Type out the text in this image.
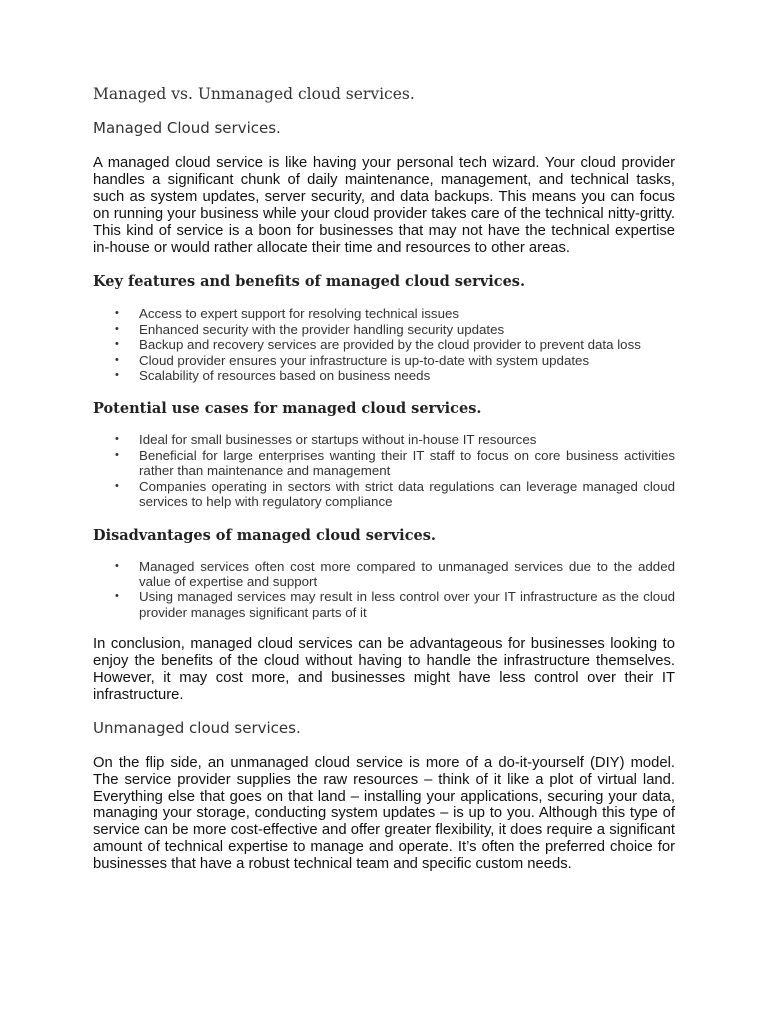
Managed vs. Unmanaged cloud services.

Managed Cloud services.

A managed cloud service is like having your personal tech wizard. Your cloud provider handles a significant chunk of daily maintenance, management, and technical tasks, such as system updates, server security, and data backups. This means you can focus on running your business while your cloud provider takes care of the technical nitty-gritty. This kind of service is a boon for businesses that may not have the technical expertise in-house or would rather allocate their time and resources to other areas.

Key features and benefits of managed cloud services.
• Access to expert support for resolving technical issues
• Enhanced security with the provider handling security updates
• Backup and recovery services are provided by the cloud provider to prevent data loss
• Cloud provider ensures your infrastructure is up-to-date with system updates
• Scalability of resources based on business needs
Potential use cases for managed cloud services.
• Ideal for small businesses or startups without in-house IT resources
• Beneficial for large enterprises wanting their IT staff to focus on core business activities rather than maintenance and management
• Companies operating in sectors with strict data regulations can leverage managed cloud services to help with regulatory compliance
Disadvantages of managed cloud services.
• Managed services often cost more compared to unmanaged services due to the added value of expertise and support
• Using managed services may result in less control over your IT infrastructure as the cloud provider manages significant parts of it

In conclusion, managed cloud services can be advantageous for businesses looking to enjoy the benefits of the cloud without having to handle the infrastructure themselves. However, it may cost more, and businesses might have less control over their IT infrastructure.

Unmanaged cloud services.

On the flip side, an unmanaged cloud service is more of a do-it-yourself (DIY) model. The service provider supplies the raw resources – think of it like a plot of virtual land. Everything else that goes on that land – installing your applications, securing your data, managing your storage, conducting system updates – is up to you. Although this type of service can be more cost-effective and offer greater flexibility, it does require a significant amount of technical expertise to manage and operate. It’s often the preferred choice for businesses that have a robust technical team and specific custom needs.
